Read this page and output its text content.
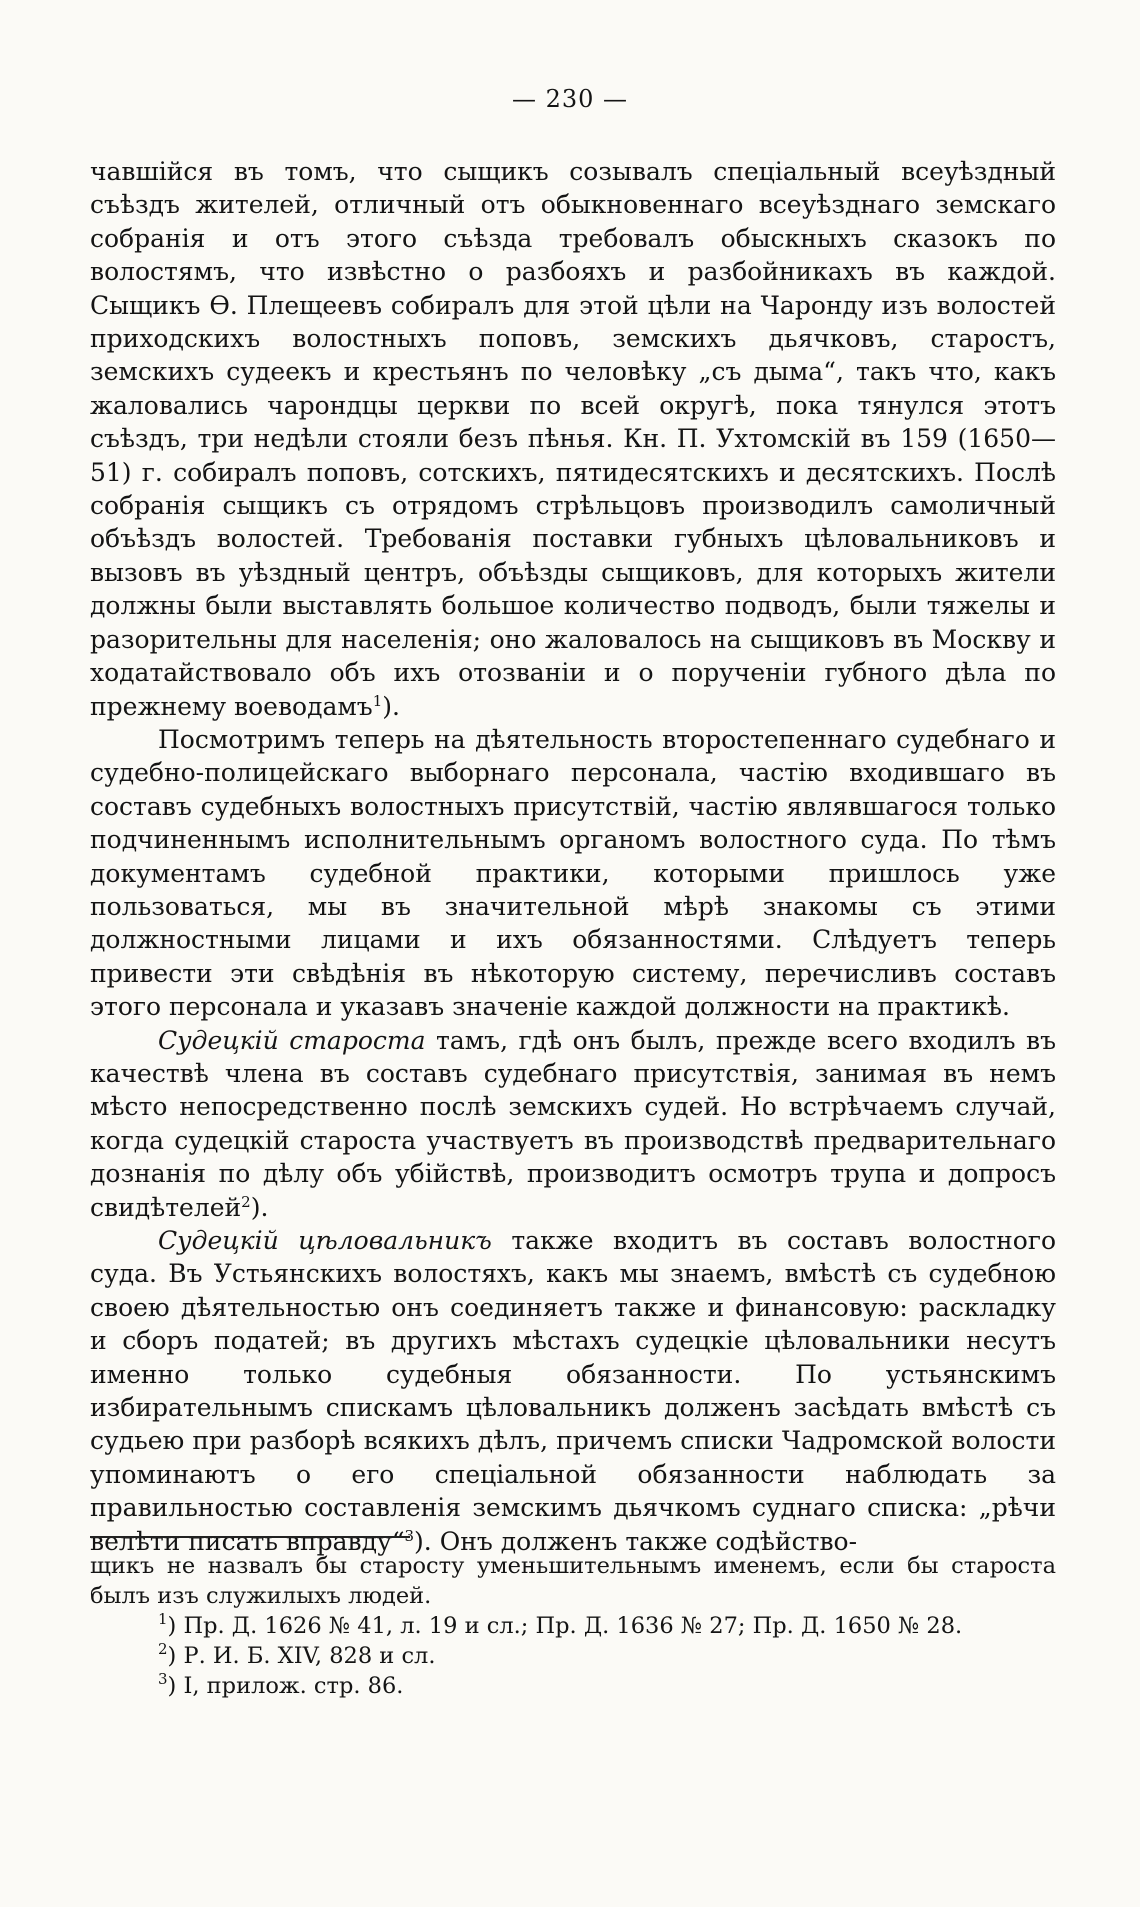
— 230 —

чавшійся въ томъ, что сыщикъ созывалъ спеціальный всеуѣздный съѣздъ жителей, отличный отъ обыкновеннаго всеуѣзднаго земскаго собранія и отъ этого съѣзда требовалъ обыскныхъ сказокъ по волостямъ, что извѣстно о разбояхъ и разбойникахъ въ каждой. Сыщикъ Ѳ. Плещеевъ собиралъ для этой цѣли на Чаронду изъ волостей приходскихъ волостныхъ поповъ, земскихъ дьячковъ, старостъ, земскихъ судеекъ и крестьянъ по человѣку „съ дыма“, такъ что, какъ жаловались чарондцы церкви по всей округѣ, пока тянулся этотъ съѣздъ, три недѣли стояли безъ пѣнья. Кн. П. Ухтомскій въ 159 (1650—51) г. собиралъ поповъ, сотскихъ, пятидесятскихъ и десятскихъ. Послѣ собранія сыщикъ съ отрядомъ стрѣльцовъ производилъ самоличный объѣздъ волостей. Требованія поставки губныхъ цѣловальниковъ и вызовъ въ уѣздный центръ, объѣзды сыщиковъ, для которыхъ жители должны были выставлять большое количество подводъ, были тяжелы и разорительны для населенія; оно жаловалось на сыщиковъ въ Москву и ходатайствовало объ ихъ отозваніи и о порученіи губного дѣла по прежнему воеводамъ$^1$).

Посмотримъ теперь на дѣятельность второстепеннаго судебнаго и судебно-полицейскаго выборнаго персонала, частію входившаго въ составъ судебныхъ волостныхъ присутствій, частію являвшагося только подчиненнымъ исполнительнымъ органомъ волостного суда. По тѣмъ документамъ судебной практики, которыми пришлось уже пользоваться, мы въ значительной мѣрѣ знакомы съ этими должностными лицами и ихъ обязанностями. Слѣдуетъ теперь привести эти свѣдѣнія въ нѣкоторую систему, перечисливъ составъ этого персонала и указавъ значеніе каждой должности на практикѣ.

Судецкій староста тамъ, гдѣ онъ былъ, прежде всего входилъ въ качествѣ члена въ составъ судебнаго присутствія, занимая въ немъ мѣсто непосредственно послѣ земскихъ судей. Но встрѣчаемъ случай, когда судецкій староста участвуетъ въ производствѣ предварительнаго дознанія по дѣлу объ убійствѣ, производитъ осмотръ трупа и допросъ свидѣтелей$^2$).

Судецкій цѣловальникъ также входитъ въ составъ волостного суда. Въ Устьянскихъ волостяхъ, какъ мы знаемъ, вмѣстѣ съ судебною своею дѣятельностью онъ соединяетъ также и финансовую: раскладку и сборъ податей; въ другихъ мѣстахъ судецкіе цѣловальники несутъ именно только судебныя обязанности. По устьянскимъ избирательнымъ спискамъ цѣловальникъ долженъ засѣдать вмѣстѣ съ судьею при разборѣ всякихъ дѣлъ, причемъ списки Чадромской волости упоминаютъ о его спеціальной обязанности наблюдать за правильностью составленія земскимъ дьячкомъ суднаго списка: „рѣчи велѣти писать вправду“$^3$). Онъ долженъ также содѣйство-

щикъ не назвалъ бы старосту уменьшительнымъ именемъ, если бы староста былъ изъ служилыхъ людей.

$^1$) Пр. Д. 1626 № 41, л. 19 и сл.; Пр. Д. 1636 № 27; Пр. Д. 1650 № 28.

$^2$) Р. И. Б. XIV, 828 и сл.

$^3$) I, прилож. стр. 86.
